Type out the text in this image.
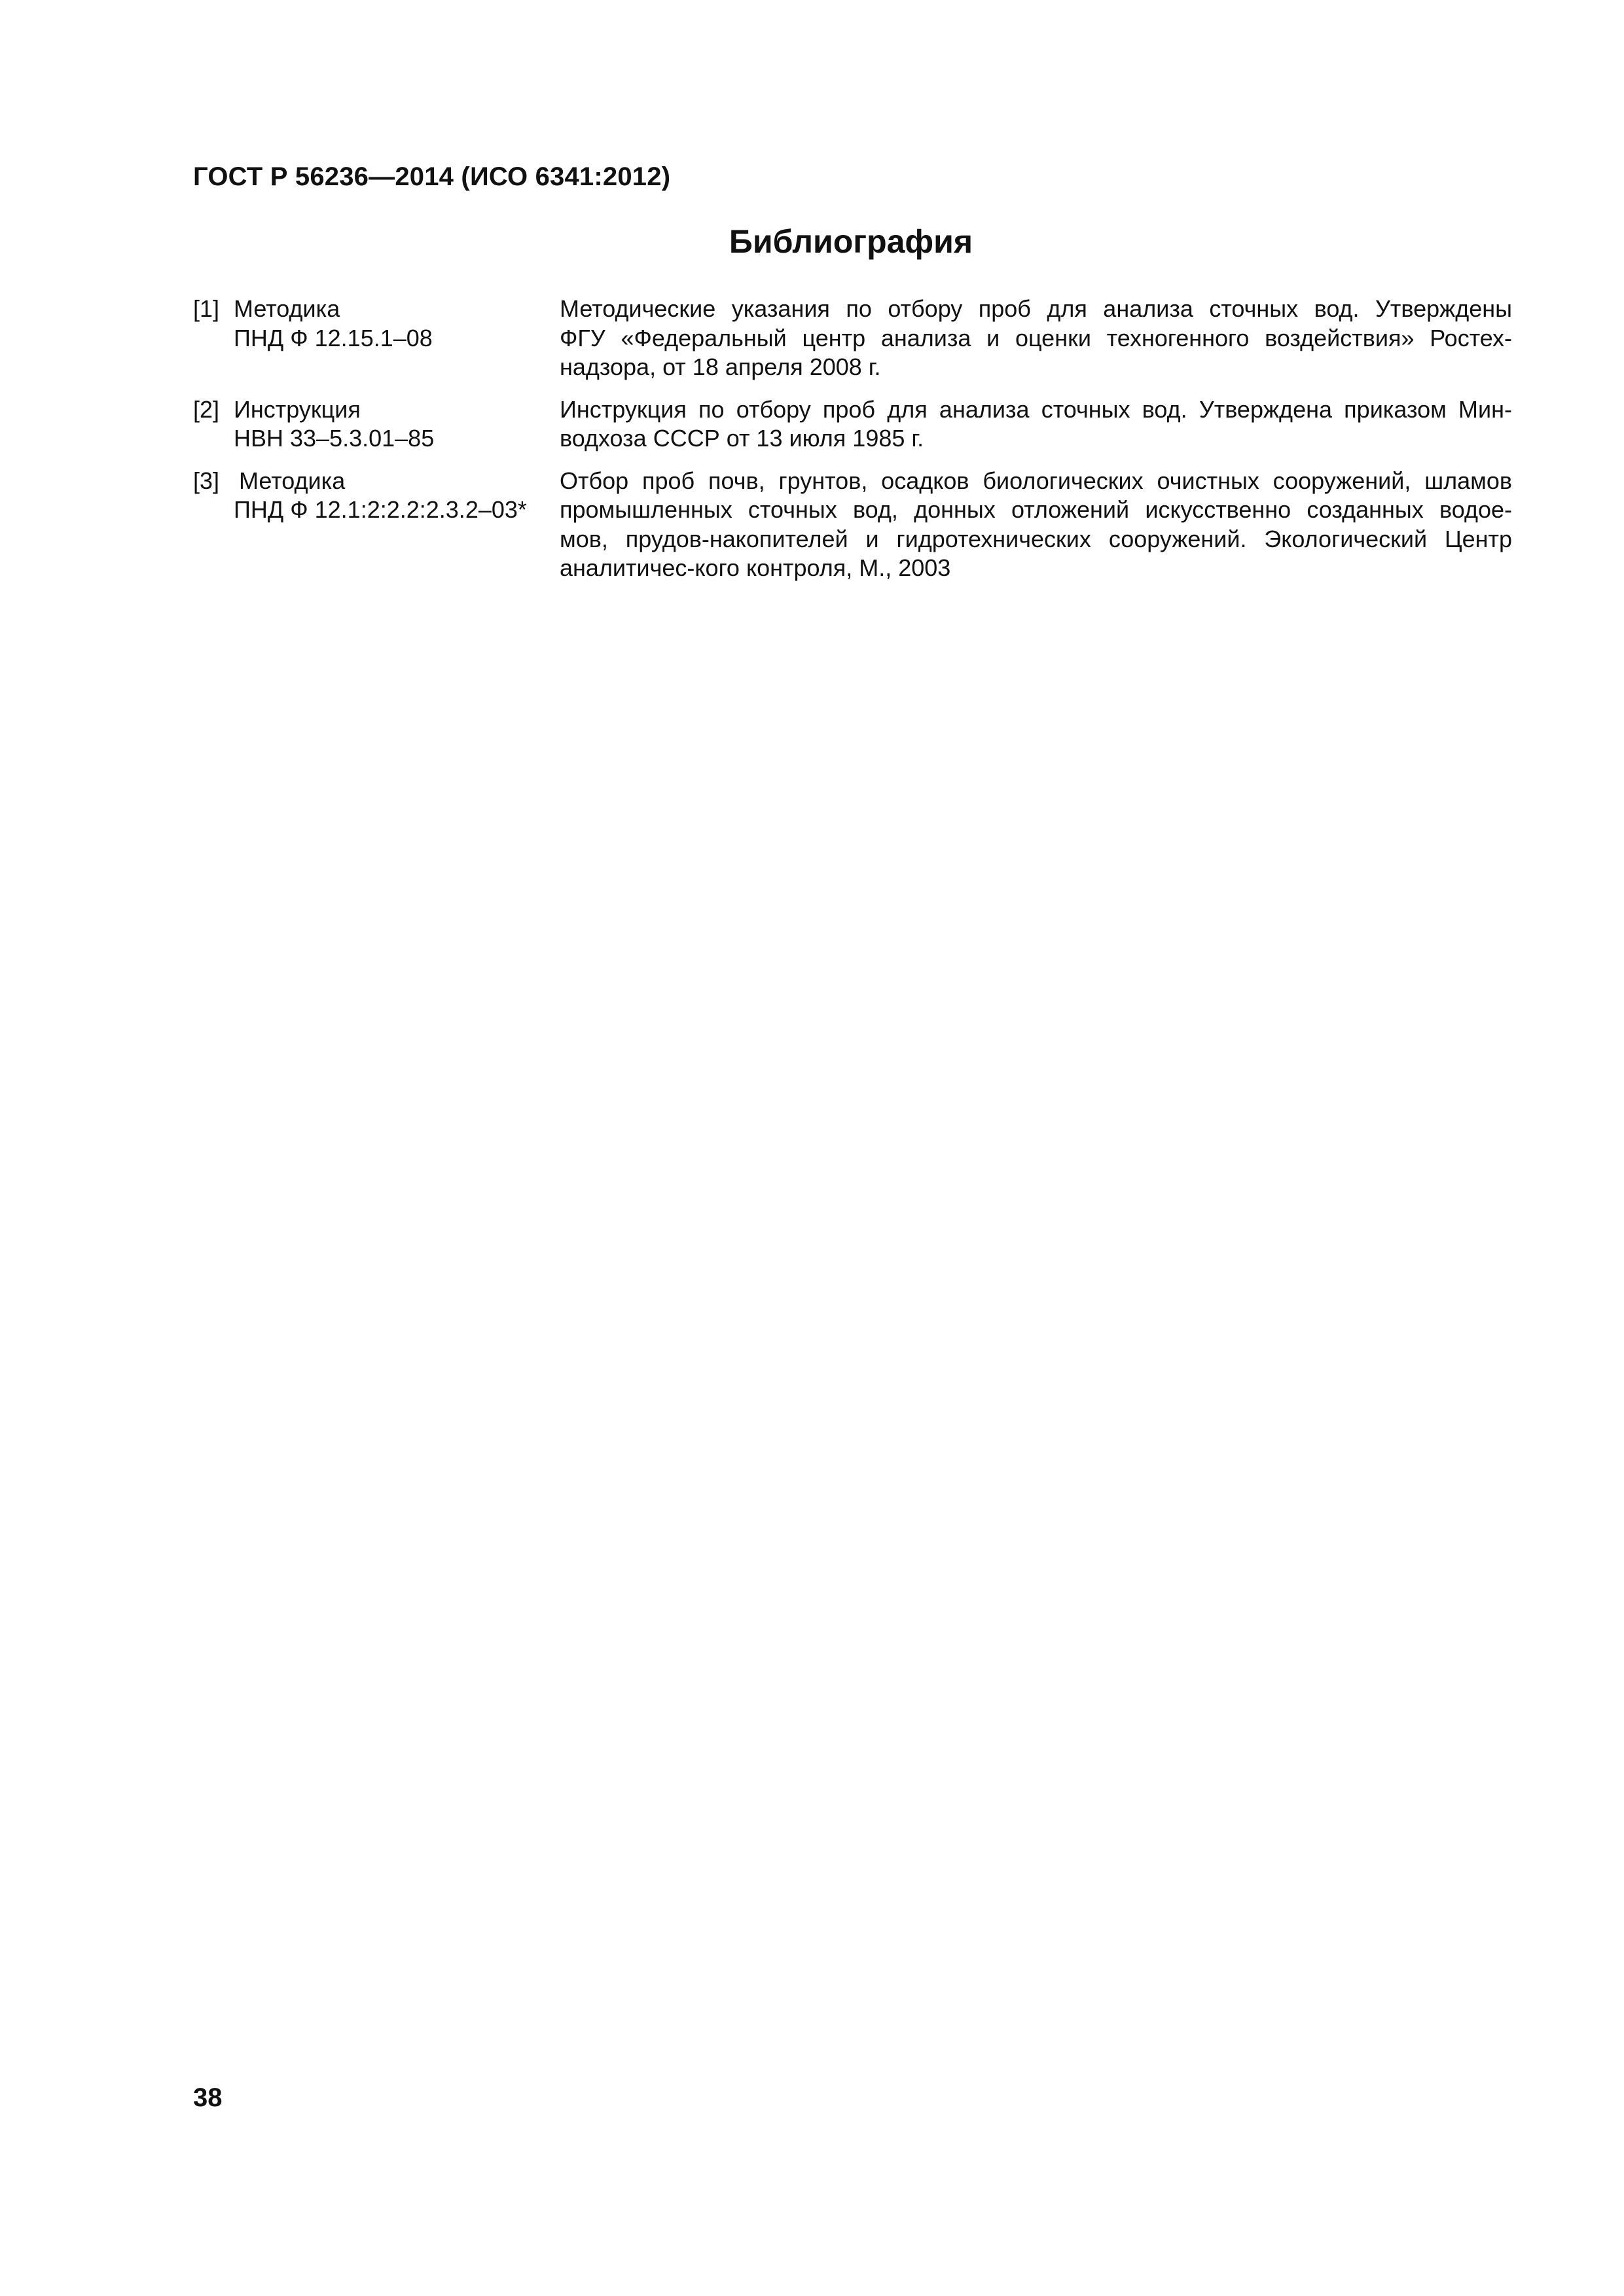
ГОСТ Р 56236—2014 (ИСО 6341:2012)
Библиография
[1] Методика
ПНД Ф 12.15.1–08
Методические указания по отбору проб для анализа сточных вод. Утверждены
ФГУ «Федеральный центр анализа и оценки техногенного воздействия» Ростех-
надзора, от 18 апреля 2008 г.
[2] Инструкция
НВН 33–5.3.01–85
Инструкция по отбору проб для анализа сточных вод. Утверждена приказом Мин-
водхоза СССР от 13 июля 1985 г.
[3] Методика
ПНД Ф 12.1:2:2.2:2.3.2–03*
Отбор проб почв, грунтов, осадков биологических очистных сооружений, шламов
промышленных сточных вод, донных отложений искусственно созданных водое-
мов, прудов-накопителей и гидротехнических сооружений. Экологический Центр
аналитичес-кого контроля, М., 2003
38
